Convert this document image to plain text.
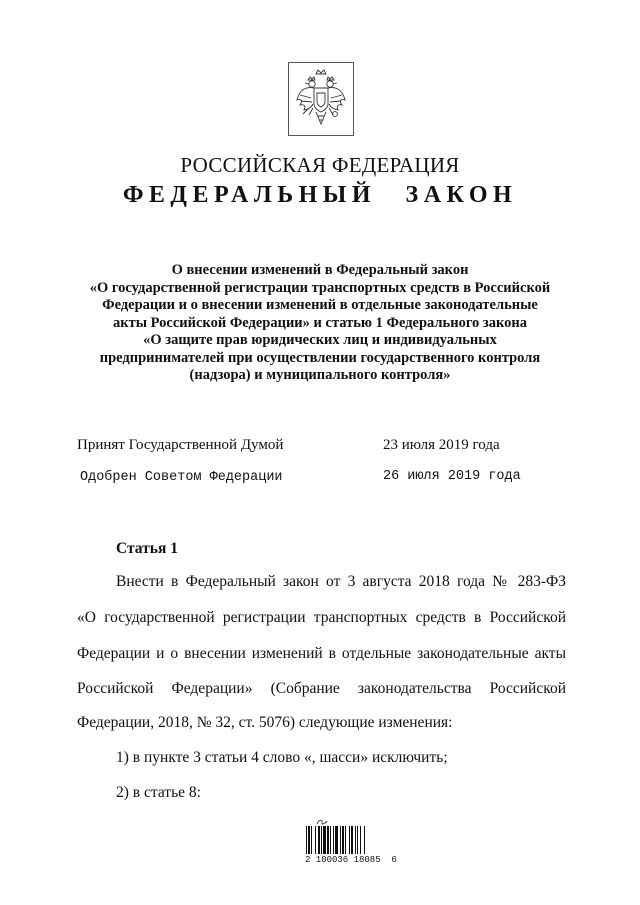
РОССИЙСКАЯ ФЕДЕРАЦИЯ
ФЕДЕРАЛЬНЫЙ ЗАКОН
О внесении изменений в Федеральный закон
«О государственной регистрации транспортных средств в Российской
Федерации и о внесении изменений в отдельные законодательные
акты Российской Федерации» и статью 1 Федерального закона
«О защите прав юридических лиц и индивидуальных
предпринимателей при осуществлении государственного контроля
(надзора) и муниципального контроля»
Принят Государственной Думой	23 июля 2019 года
Одобрен Советом Федерации	26 июля 2019 года
Статья 1
Внести в Федеральный закон от 3 августа 2018 года № 283-ФЗ
«О государственной регистрации транспортных средств в Российской
Федерации и о внесении изменений в отдельные законодательные акты
Российской Федерации» (Собрание законодательства Российской
Федерации, 2018, № 32, ст. 5076) следующие изменения:
1) в пункте 3 статьи 4 слово «, шасси» исключить;
2) в статье 8:
2 100036 18085  6
